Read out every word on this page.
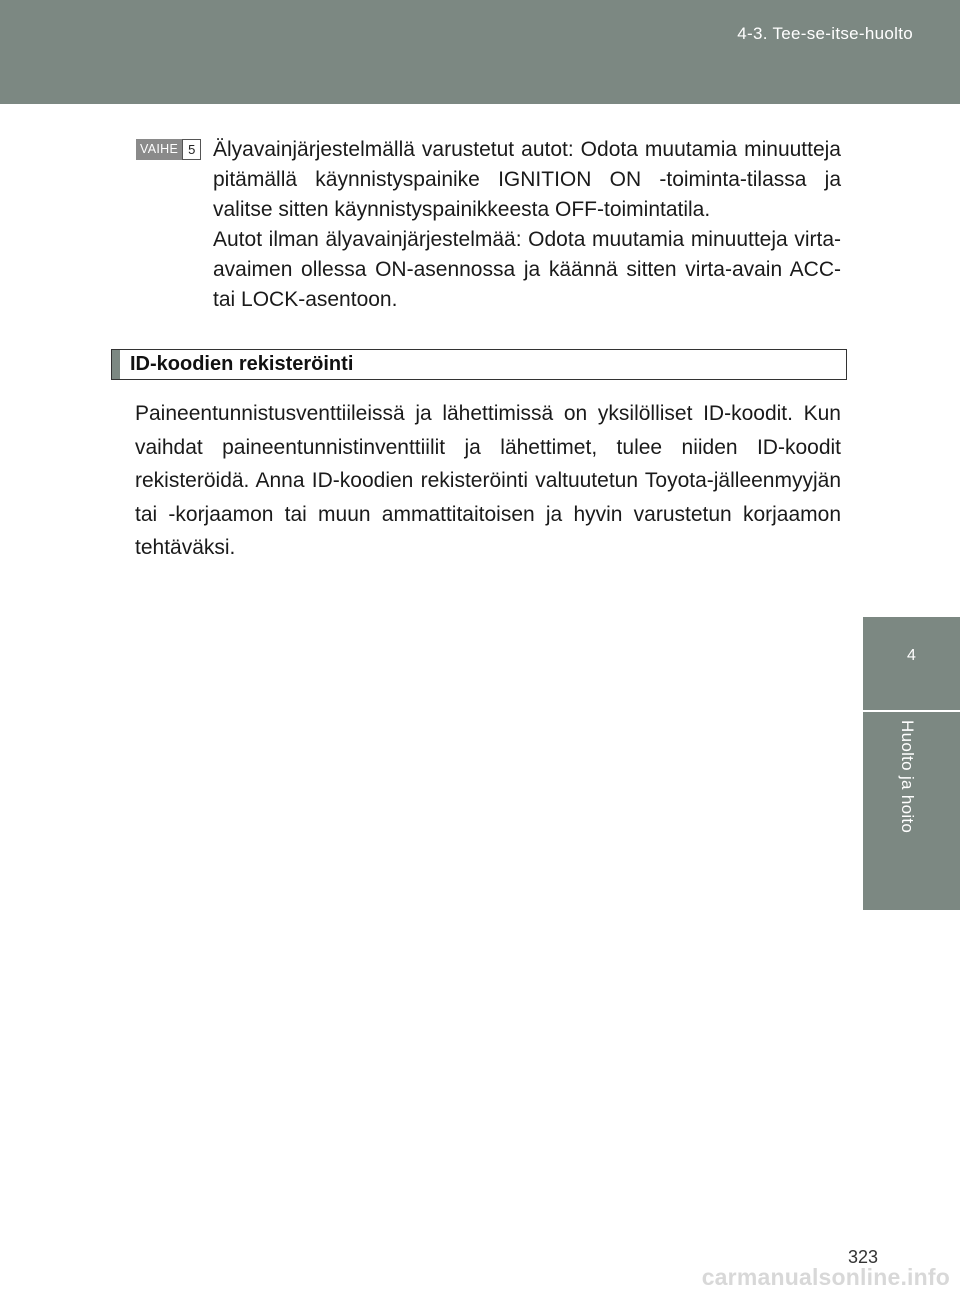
4-3. Tee-se-itse-huolto
4
Huolto ja hoito
VAIHE 5 Älyavainjärjestelmällä varustetut autot: Odota muutamia minuutteja pitämällä käynnistyspainike IGNITION ON -toiminta-tilassa ja valitse sitten käynnistyspainikkeesta OFF-toimintatila.

Autot ilman älyavainjärjestelmää: Odota muutamia minuutteja virta-avaimen ollessa ON-asennossa ja käännä sitten virta-avain ACC- tai LOCK-asentoon.

ID-koodien rekisteröinti

Paineentunnistusventtiileissä ja lähettimissä on yksilölliset ID-koodit. Kun vaihdat paineentunnistinventtiilit ja lähettimet, tulee niiden ID-koodit rekisteröidä. Anna ID-koodien rekisteröinti valtuutetun Toyota-jälleenmyyjän tai -korjaamon tai muun ammattitaitoisen ja hyvin varustetun korjaamon tehtäväksi.

323
carmanualsonline.info
